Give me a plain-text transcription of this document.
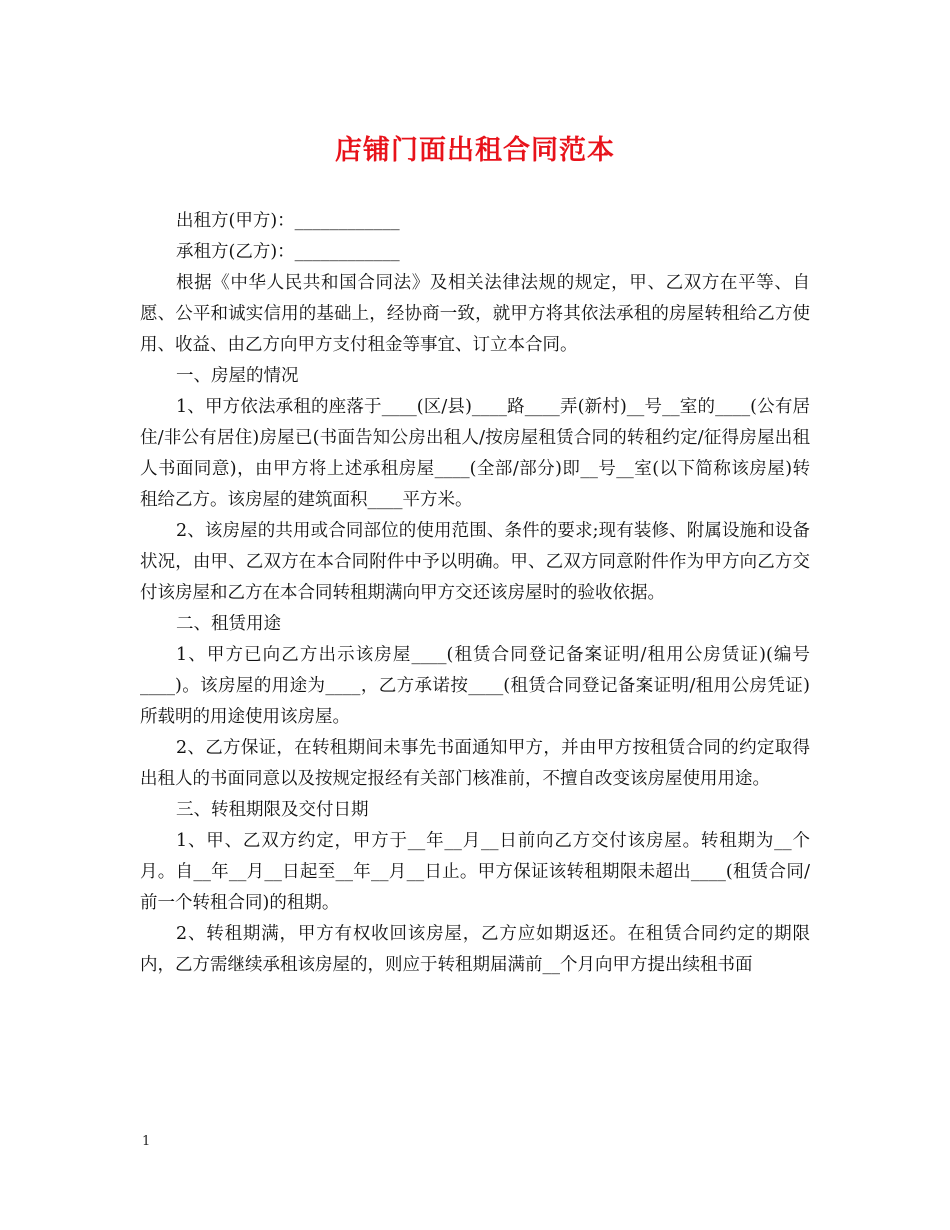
店铺门面出租合同范本

出租方(甲方)：____________

承租方(乙方)：____________

根据《中华人民共和国合同法》及相关法律法规的规定，甲、乙双方在平等、自愿、公平和诚实信用的基础上，经协商一致，就甲方将其依法承租的房屋转租给乙方使用、收益、由乙方向甲方支付租金等事宜、订立本合同。

一、房屋的情况

1、甲方依法承租的座落于____(区/县)____路____弄(新村)__号__室的____(公有居住/非公有居住)房屋已(书面告知公房出租人/按房屋租赁合同的转租约定/征得房屋出租人书面同意)，由甲方将上述承租房屋____(全部/部分)即__号__室(以下简称该房屋)转租给乙方。该房屋的建筑面积____平方米。

2、该房屋的共用或合同部位的使用范围、条件的要求;现有装修、附属设施和设备状况，由甲、乙双方在本合同附件中予以明确。甲、乙双方同意附件作为甲方向乙方交付该房屋和乙方在本合同转租期满向甲方交还该房屋时的验收依据。

二、租赁用途

1、甲方已向乙方出示该房屋____(租赁合同登记备案证明/租用公房赁证)(编号____)。该房屋的用途为____，乙方承诺按____(租赁合同登记备案证明/租用公房凭证)所载明的用途使用该房屋。

2、乙方保证，在转租期间未事先书面通知甲方，并由甲方按租赁合同的约定取得出租人的书面同意以及按规定报经有关部门核准前，不擅自改变该房屋使用用途。

三、转租期限及交付日期

1、甲、乙双方约定，甲方于__年__月__日前向乙方交付该房屋。转租期为__个月。自__年__月__日起至__年__月__日止。甲方保证该转租期限未超出____(租赁合同/前一个转租合同)的租期。

2、转租期满，甲方有权收回该房屋，乙方应如期返还。在租赁合同约定的期限内，乙方需继续承租该房屋的，则应于转租期届满前__个月向甲方提出续租书面

1
